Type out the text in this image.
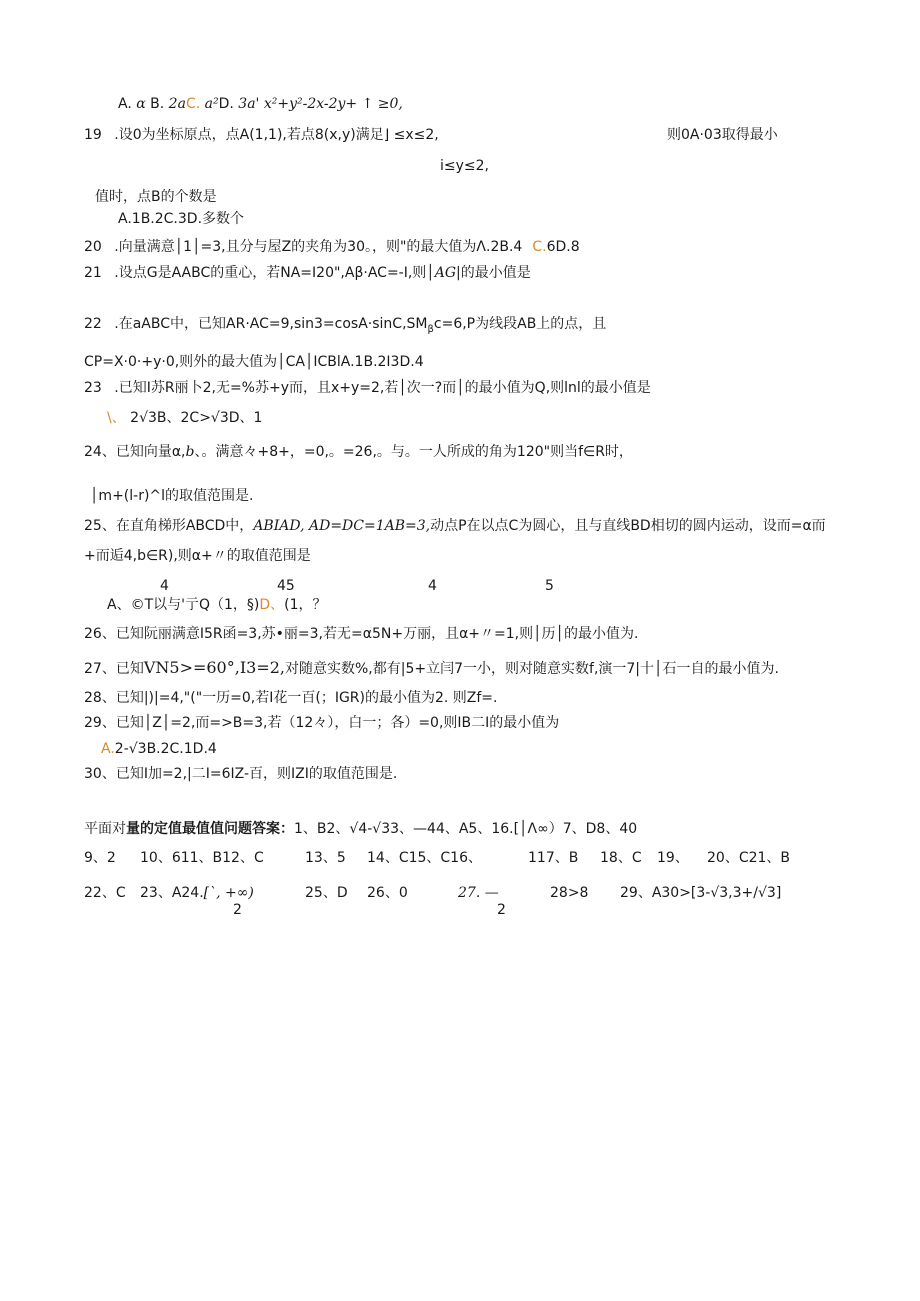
A. α B. 2aC. a²D. 3a' x²+y²-2x-2y+ ↑ ≥0,
19 .设0为坐标原点，点A(1,1),若点8(x,y)满足⌋ ≤x≤2,	则0A·03取得最小
i≤y≤2,
值时，点B的个数是
A.1B.2C.3D.多数个
20 .向量满意│1│=3,且分与屋Z的夹角为30。，则"的最大值为Λ.2B.4 C.6D.8
21 .设点G是AABC的重心，若NA=I20",Aβ·AC=-I,则│AG|的最小值是
22 .在aABC中，已知$AR\cdot AC=9,\sin 3=\cos A\cdot\sin C,SM_\beta c=6,P$为线段AB上的点，且
CP=X·0·+y·0,则外的最大值为│CA│ICBlA.1B.2I3D.4
23 .已知I苏R丽卜2,无=%苏+y而，且x+y=2,若│次一?而│的最小值为Q,则lnl的最小值是
\、 2√3B、2C>√3D、1
24、已知向量α,b、。满意々+8+，=0,。=26,。与。一人所成的角为120"则当f∈R时，
│m+(l-r)^l的取值范围是.
25、在直角梯形ABCD中，ABIAD, AD=DC=1AB=3,动点P在以点C为圆心，且与直线BD相切的圆内运动，设而=α而
+而逅4,b∈R),则α+〃的取值范围是
4	45	4	5
A、©T以与'亍Q（1，§)D、(1，？
26、已知阮丽满意I5R函=3,苏•丽=3,若无=α5N+万丽，且α+〃=1,则│历│的最小值为.
27、已知VN5>=60°,I3=2,对随意实数%,都有|5+立闫7一小，则对随意实数f,演一7|十│石一自的最小值为.
28、已知|)|=4,"("一历=0,若I花一百(；IGR)的最小值为2. 则Zf=.
29、已知│Z│=2,而=>B=3,若（12々），白一；各）=0,则IB二I的最小值为
A.2-√3B.2C.1D.4
30、已知I加=2,|二I=6IZ-百，则IZI的取值范围是.
平面对量的定值最值值问题答案：1、B2、√4-√33、—44、A5、16.[│Λ∞）7、D8、40
9、2 10、611、B12、C	13、5 14、C15、C16、	117、B 18、C 19、 20、C21、B
22、C 23、A24.[`, +∞)
2
25、D 26、0	27. —
2
28>8 29、A30>[3-√3,3+/√3]
